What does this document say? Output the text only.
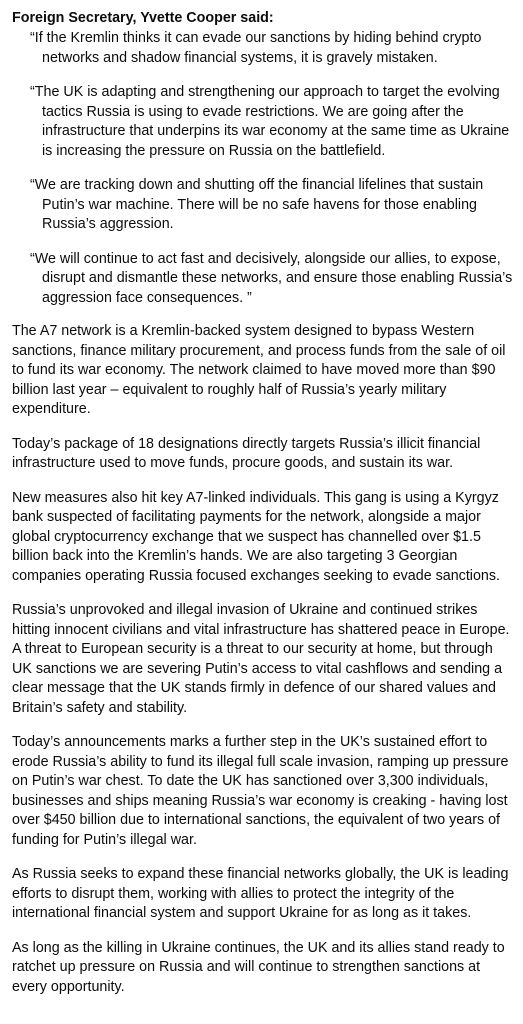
Foreign Secretary, Yvette Cooper said:

“If the Kremlin thinks it can evade our sanctions by hiding behind crypto networks and shadow financial systems, it is gravely mistaken.

“The UK is adapting and strengthening our approach to target the evolving tactics Russia is using to evade restrictions. We are going after the infrastructure that underpins its war economy at the same time as Ukraine is increasing the pressure on Russia on the battlefield.

“We are tracking down and shutting off the financial lifelines that sustain Putin’s war machine. There will be no safe havens for those enabling Russia’s aggression.

“We will continue to act fast and decisively, alongside our allies, to expose, disrupt and dismantle these networks, and ensure those enabling Russia’s aggression face consequences. ”

The A7 network is a Kremlin-backed system designed to bypass Western sanctions, finance military procurement, and process funds from the sale of oil to fund its war economy. The network claimed to have moved more than $90 billion last year – equivalent to roughly half of Russia’s yearly military expenditure.

Today’s package of 18 designations directly targets Russia’s illicit financial infrastructure used to move funds, procure goods, and sustain its war.

New measures also hit key A7-linked individuals. This gang is using a Kyrgyz bank suspected of facilitating payments for the network, alongside a major global cryptocurrency exchange that we suspect has channelled over $1.5 billion back into the Kremlin’s hands. We are also targeting 3 Georgian companies operating Russia focused exchanges seeking to evade sanctions.

Russia’s unprovoked and illegal invasion of Ukraine and continued strikes hitting innocent civilians and vital infrastructure has shattered peace in Europe. A threat to European security is a threat to our security at home, but through UK sanctions we are severing Putin’s access to vital cashflows and sending a clear message that the UK stands firmly in defence of our shared values and Britain’s safety and stability.

Today’s announcements marks a further step in the UK’s sustained effort to erode Russia’s ability to fund its illegal full scale invasion, ramping up pressure on Putin’s war chest. To date the UK has sanctioned over 3,300 individuals, businesses and ships meaning Russia’s war economy is creaking - having lost over $450 billion due to international sanctions, the equivalent of two years of funding for Putin’s illegal war.

As Russia seeks to expand these financial networks globally, the UK is leading efforts to disrupt them, working with allies to protect the integrity of the international financial system and support Ukraine for as long as it takes.

As long as the killing in Ukraine continues, the UK and its allies stand ready to ratchet up pressure on Russia and will continue to strengthen sanctions at every opportunity.
